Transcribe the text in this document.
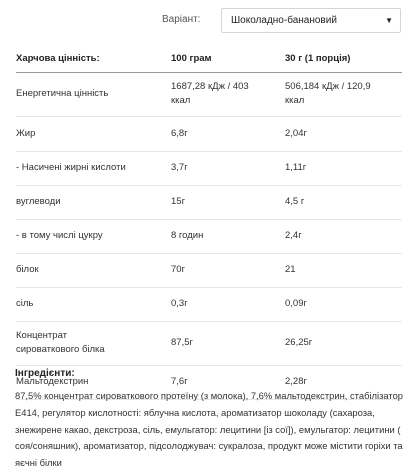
Варіант:	Шоколадно-банановий	▼
Харчова цінність:	100 грам	30 г (1 порція)
Енергетична цінність	1687,28 кДж / 403 ккал	506,184 кДж / 120,9 ккал
Жир	6,8г	2,04г
- Насичені жирні кислоти	3,7г	1,11г
вуглеводи	15г	4,5 г
- в тому числі цукру	8 годин	2,4г
білок	70г	21
сіль	0,3г	0,09г
Концентрат сироваткового білка	87,5г	26,25г
Мальтодекстрин	7,6г	2,28г
Інгредієнти:
87,5% концентрат сироваткового протеїну (з молока), 7,6% мальтодекстрин, стабілізатор Е414, регулятор кислотності: яблучна кислота, ароматизатор шоколаду (сахароза, знежирене какао, декстроза, сіль, емульгатор: лецитини [із сої]), емульгатор: лецитини ( соя/соняшник), ароматизатор, підсолоджувач: сукралоза, продукт може містити горіхи та яєчні білки
